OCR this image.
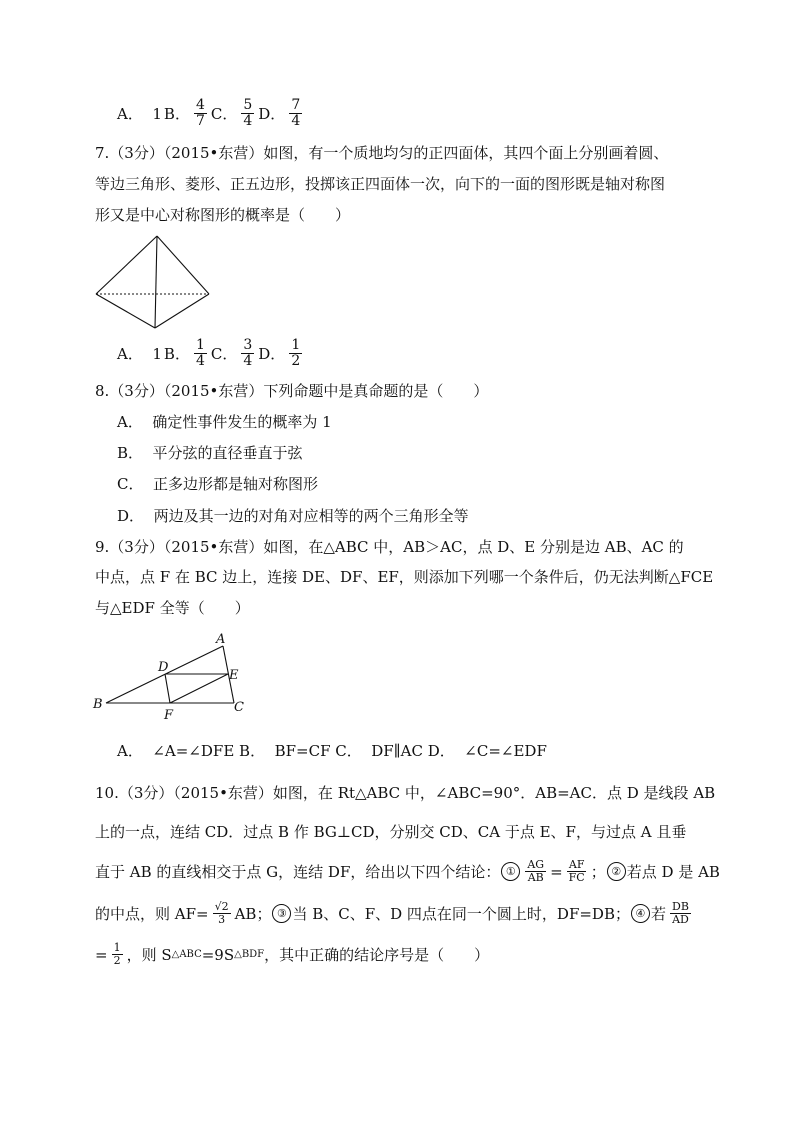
A．  1 B． $\frac{4}{7}$ C． $\frac{5}{4}$ D． $\frac{7}{4}$
7.（3分）（2015•东营）如图，有一个质地均匀的正四面体，其四个面上分别画着圆、
等边三角形、菱形、正五边形，投掷该正四面体一次，向下的一面的图形既是轴对称图
形又是中心对称图形的概率是（　　）
A．  1 B． $\frac{1}{4}$ C． $\frac{3}{4}$ D． $\frac{1}{2}$
8.（3分）（2015•东营）下列命题中是真命题的是（　　）
A．  确定性事件发生的概率为 1
B．  平分弦的直径垂直于弦
C．  正多边形都是轴对称图形
D．  两边及其一边的对角对应相等的两个三角形全等
9.（3分）（2015•东营）如图，在△ABC 中，AB＞AC，点 D、E 分别是边 AB、AC 的
中点，点 F 在 BC 边上，连接 DE、DF、EF，则添加下列哪一个条件后，仍无法判断△FCE
与△EDF 全等（　　）
A
B	C
D
E
F
A．  ∠A=∠DFE B．  BF=CF C．  DF∥AC D．  ∠C=∠EDF
10.（3分）（2015•东营）如图，在 Rt△ABC 中，∠ABC=90°．AB=AC．点 D 是线段 AB
上的一点，连结 CD．过点 B 作 BG⊥CD，分别交 CD、CA 于点 E、F，与过点 A 且垂
直于 AB 的直线相交于点 G，连结 DF，给出以下四个结论： ① $\frac{AG}{AB} = \frac{AF}{FC}$ ； ② 若点 D 是 AB
的中点，则 $AF= \frac{√2}{3}$ AB； ③ 当 B、C、F、D 四点在同一个圆上时，DF=DB； ④ 若 $\frac{DB}{AD}$
= $\frac{1}{2}$ ，则 S △ABC =9S △BDF ，其中正确的结论序号是（　　）
